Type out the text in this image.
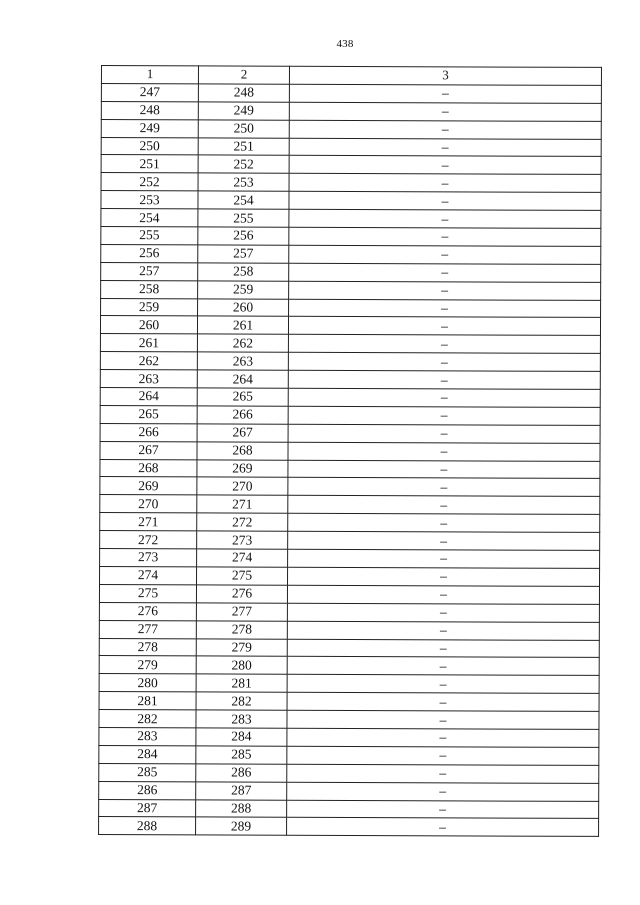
438
1	2	3
247	248	–
248	249	–
249	250	–
250	251	–
251	252	–
252	253	–
253	254	–
254	255	–
255	256	–
256	257	–
257	258	–
258	259	–
259	260	–
260	261	–
261	262	–
262	263	–
263	264	–
264	265	–
265	266	–
266	267	–
267	268	–
268	269	–
269	270	–
270	271	–
271	272	–
272	273	–
273	274	–
274	275	–
275	276	–
276	277	–
277	278	–
278	279	–
279	280	–
280	281	–
281	282	–
282	283	–
283	284	–
284	285	–
285	286	–
286	287	–
287	288	–
288	289	–
